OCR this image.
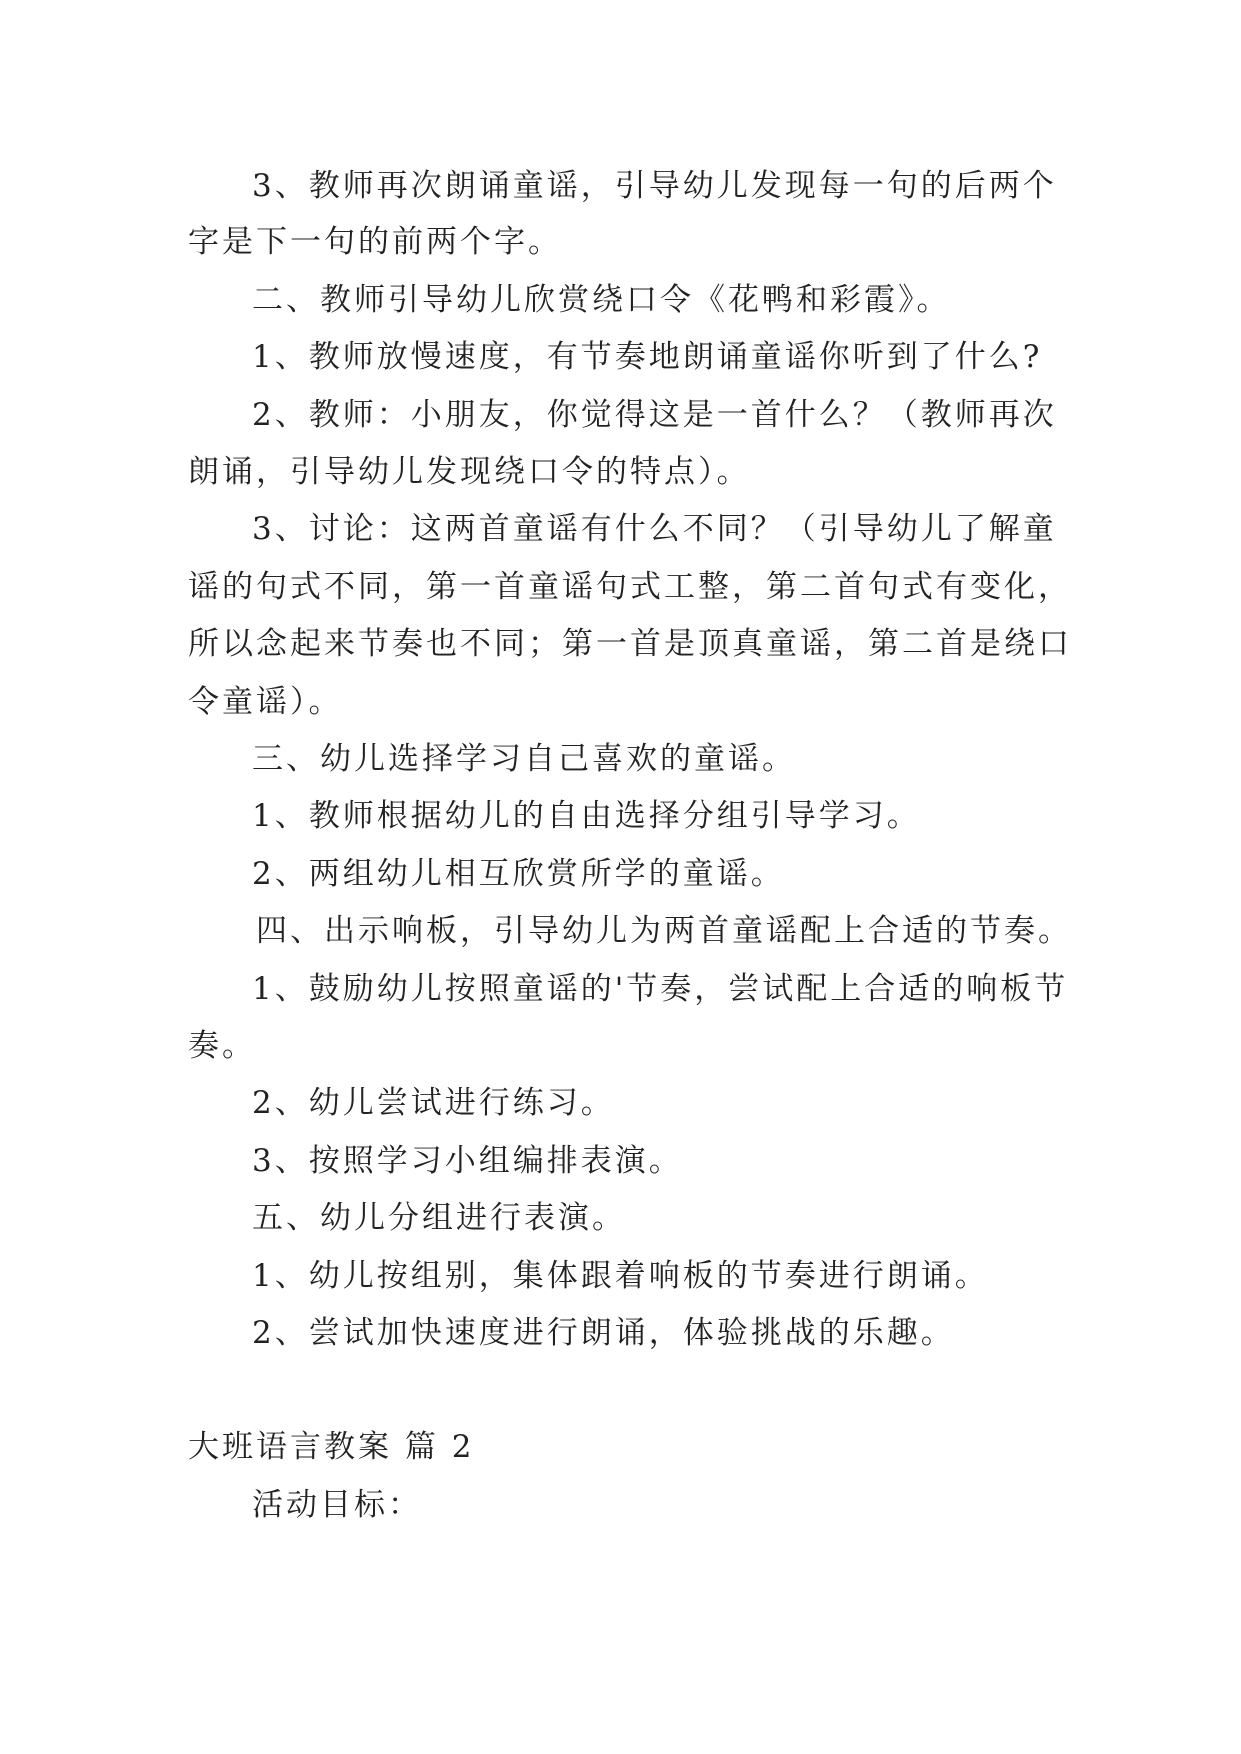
3、教师再次朗诵童谣，引导幼儿发现每一句的后两个
字是下一句的前两个字。
二、教师引导幼儿欣赏绕口令《花鸭和彩霞》。
1、教师放慢速度，有节奏地朗诵童谣你听到了什么?
2、教师：小朋友，你觉得这是一首什么？（教师再次
朗诵，引导幼儿发现绕口令的特点）。
3、讨论：这两首童谣有什么不同？（引导幼儿了解童
谣的句式不同，第一首童谣句式工整，第二首句式有变化，
所以念起来节奏也不同；第一首是顶真童谣，第二首是绕口
令童谣）。
三、幼儿选择学习自己喜欢的童谣。
1、教师根据幼儿的自由选择分组引导学习。
2、两组幼儿相互欣赏所学的童谣。
四、出示响板，引导幼儿为两首童谣配上合适的节奏。
1、鼓励幼儿按照童谣的'节奏，尝试配上合适的响板节
奏。
2、幼儿尝试进行练习。
3、按照学习小组编排表演。
五、幼儿分组进行表演。
1、幼儿按组别，集体跟着响板的节奏进行朗诵。
2、尝试加快速度进行朗诵，体验挑战的乐趣。
大班语言教案 篇 2
活动目标：
